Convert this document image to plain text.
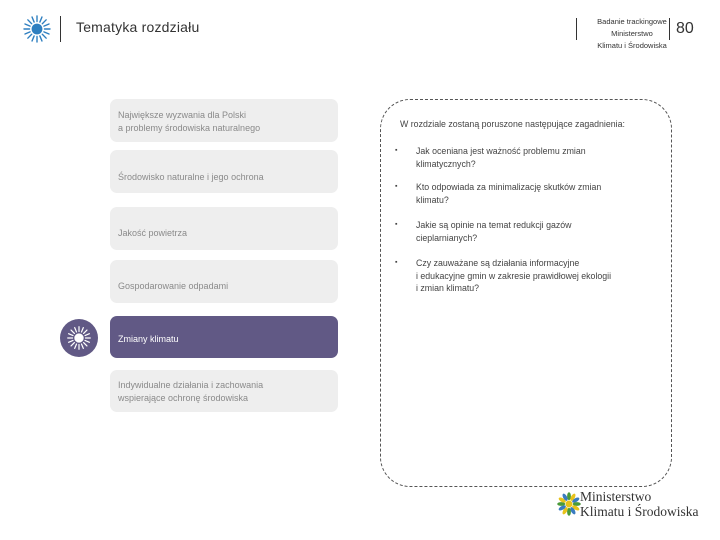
Tematyka rozdziału	Badanie trackingowe
Ministerstwo
Klimatu i Środowiska
80
Największe wyzwania dla Polski
a problemy środowiska naturalnego
Środowisko naturalne i jego ochrona
Jakość powietrza
Gospodarowanie odpadami
Zmiany klimatu
Indywidualne działania i zachowania
wspierające ochronę środowiska
W rozdziale zostaną poruszone następujące zagadnienia:
▪ Jak oceniana jest ważność problemu zmian
klimatycznych?
▪ Kto odpowiada za minimalizację skutków zmian
klimatu?
▪ Jakie są opinie na temat redukcji gazów
cieplarnianych?
▪ Czy zauważane są działania informacyjne
i edukacyjne gmin w zakresie prawidłowej ekologii
i zmian klimatu?
Ministerstwo
Klimatu i Środowiska
